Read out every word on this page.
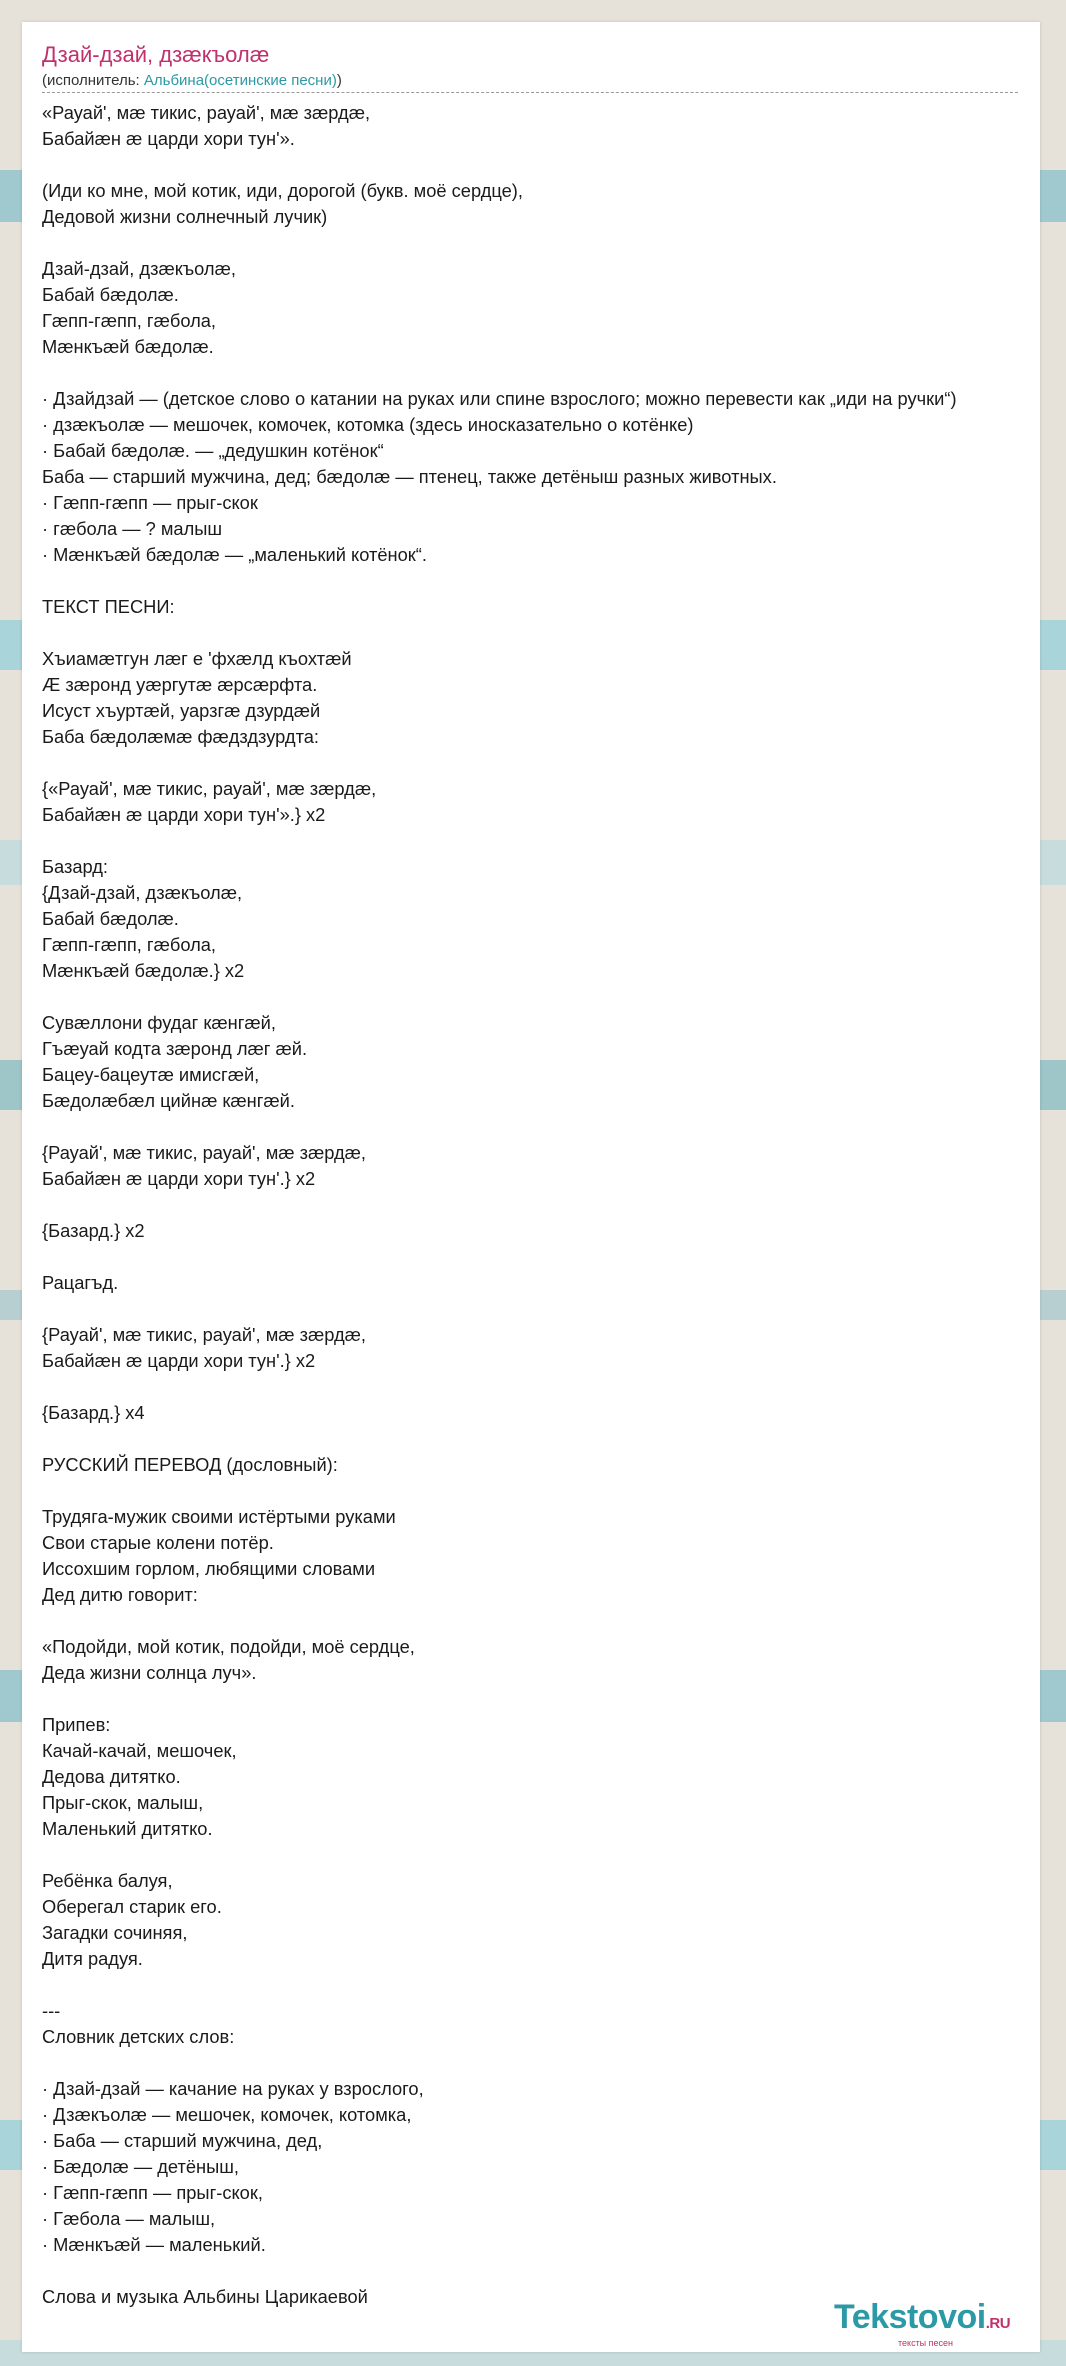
Дзай-дзай, дзæкъолæ
(исполнитель: Альбина(осетинские песни))
«Рауай', мæ тикис, рауай', мæ зæрдæ,
Бабайæн æ царди хори тун'».
(Иди ко мне, мой котик, иди, дорогой (букв. моё сердце),
Дедовой жизни солнечный лучик)
Дзай-дзай, дзæкъолæ,
Бабай бæдолæ.
Гæпп-гæпп, гæбола,
Мæнкъæй бæдолæ.
· Дзайдзай — (детское слово о катании на руках или спине взрослого; можно перевести как „иди на ручки“)
· дзæкъолæ — мешочек, комочек, котомка (здесь иносказательно о котёнке)
· Бабай бæдолæ. — „дедушкин котёнок“
Баба — старший мужчина, дед; бæдолæ — птенец, также детёныш разных животных.
· Гæпп-гæпп — прыг-скок
· гæбола — ? малыш
· Мæнкъæй бæдолæ — „маленький котёнок“.
ТЕКСТ ПЕСНИ:
Хъиамæтгун лæг е 'фхæлд къохтæй
Æ зæронд уæргутæ æрсæрфта.
Исуст хъуртæй, уарзгæ дзурдæй
Баба бæдолæмæ фæдздзурдта:
{«Рауай', мæ тикис, рауай', мæ зæрдæ,
Бабайæн æ царди хори тун'».} x2
Базард:
{Дзай-дзай, дзæкъолæ,
Бабай бæдолæ.
Гæпп-гæпп, гæбола,
Мæнкъæй бæдолæ.} x2
Сувæллони фудаг кæнгæй,
Гъæуай кодта зæронд лæг æй.
Бацеу-бацеутæ имисгæй,
Бæдолæбæл цийнæ кæнгæй.
{Рауай', мæ тикис, рауай', мæ зæрдæ,
Бабайæн æ царди хори тун'.} x2
{Базард.} x2
Рацагъд.
{Рауай', мæ тикис, рауай', мæ зæрдæ,
Бабайæн æ царди хори тун'.} x2
{Базард.} x4
РУССКИЙ ПЕРЕВОД (дословный):
Трудяга-мужик своими истёртыми руками
Свои старые колени потёр.
Иссохшим горлом, любящими словами
Дед дитю говорит:
«Подойди, мой котик, подойди, моё сердце,
Деда жизни солнца луч».
Припев:
Качай-качай, мешочек,
Дедова дитятко.
Прыг-скок, малыш,
Маленький дитятко.
Ребёнка балуя,
Оберегал старик его.
Загадки сочиняя,
Дитя радуя.
---
Словник детских слов:
· Дзай-дзай — качание на руках у взрослого,
· Дзæкъолæ — мешочек, комочек, котомка,
· Баба — старший мужчина, дед,
· Бæдолæ — детёныш,
· Гæпп-гæпп — прыг-скок,
· Гæбола — малыш,
· Мæнкъæй — маленький.
Слова и музыка Альбины Царикаевой
Tekstovoi.RU
тексты песен
